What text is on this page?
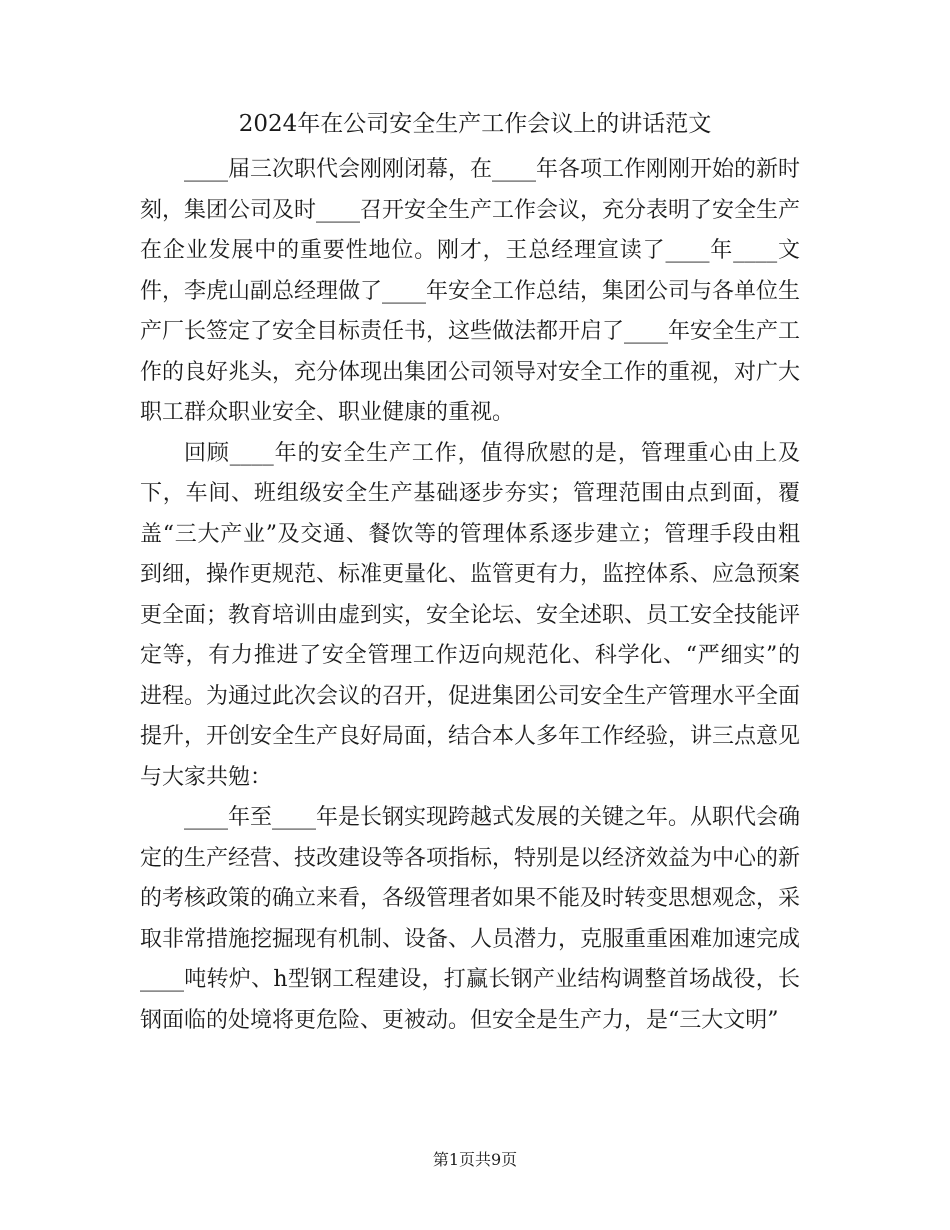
2024年在公司安全生产工作会议上的讲话范文

____届三次职代会刚刚闭幕，在____年各项工作刚刚开始的新时刻，集团公司及时____召开安全生产工作会议，充分表明了安全生产在企业发展中的重要性地位。刚才，王总经理宣读了____年____文件，李虎山副总经理做了____年安全工作总结，集团公司与各单位生产厂长签定了安全目标责任书，这些做法都开启了____年安全生产工作的良好兆头，充分体现出集团公司领导对安全工作的重视，对广大职工群众职业安全、职业健康的重视。

回顾____年的安全生产工作，值得欣慰的是，管理重心由上及下，车间、班组级安全生产基础逐步夯实；管理范围由点到面，覆盖“三大产业”及交通、餐饮等的管理体系逐步建立；管理手段由粗到细，操作更规范、标准更量化、监管更有力，监控体系、应急预案更全面；教育培训由虚到实，安全论坛、安全述职、员工安全技能评定等，有力推进了安全管理工作迈向规范化、科学化、“严细实”的进程。为通过此次会议的召开，促进集团公司安全生产管理水平全面提升，开创安全生产良好局面，结合本人多年工作经验，讲三点意见与大家共勉：

____年至____年是长钢实现跨越式发展的关键之年。从职代会确定的生产经营、技改建设等各项指标，特别是以经济效益为中心的新的考核政策的确立来看，各级管理者如果不能及时转变思想观念，采取非常措施挖掘现有机制、设备、人员潜力，克服重重困难加速完成____吨转炉、h型钢工程建设，打赢长钢产业结构调整首场战役，长钢面临的处境将更危险、更被动。但安全是生产力，是“三大文明”

第1页共9页
